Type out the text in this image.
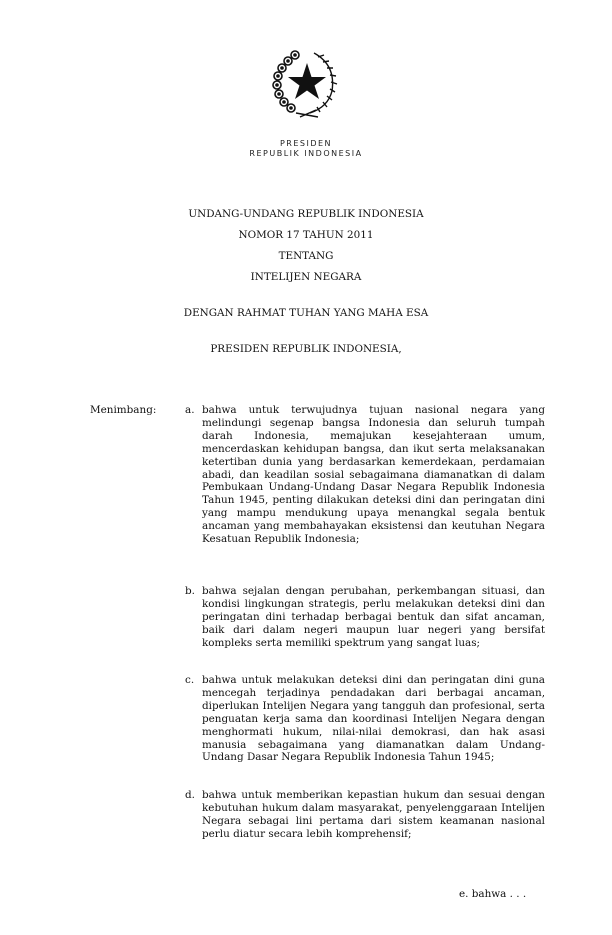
PRESIDEN
REPUBLIK INDONESIA
UNDANG-UNDANG REPUBLIK INDONESIA
NOMOR 17 TAHUN 2011
TENTANG
INTELIJEN NEGARA
DENGAN RAHMAT TUHAN YANG MAHA ESA
PRESIDEN REPUBLIK INDONESIA,
Menimbang:	a. bahwa untuk terwujudnya tujuan nasional negara yang melindungi segenap bangsa Indonesia dan seluruh tumpah darah Indonesia, memajukan kesejahteraan umum, mencerdaskan kehidupan bangsa, dan ikut serta melaksanakan ketertiban dunia yang berdasarkan kemerdekaan, perdamaian abadi, dan keadilan sosial sebagaimana diamanatkan di dalam Pembukaan Undang-Undang Dasar Negara Republik Indonesia Tahun 1945, penting dilakukan deteksi dini dan peringatan dini yang mampu mendukung upaya menangkal segala bentuk ancaman yang membahayakan eksistensi dan keutuhan Negara Kesatuan Republik Indonesia;
b. bahwa sejalan dengan perubahan, perkembangan situasi, dan kondisi lingkungan strategis, perlu melakukan deteksi dini dan peringatan dini terhadap berbagai bentuk dan sifat ancaman, baik dari dalam negeri maupun luar negeri yang bersifat kompleks serta memiliki spektrum yang sangat luas;
c. bahwa untuk melakukan deteksi dini dan peringatan dini guna mencegah terjadinya pendadakan dari berbagai ancaman, diperlukan Intelijen Negara yang tangguh dan profesional, serta penguatan kerja sama dan koordinasi Intelijen Negara dengan menghormati hukum, nilai-nilai demokrasi, dan hak asasi manusia sebagaimana yang diamanatkan dalam Undang-Undang Dasar Negara Republik Indonesia Tahun 1945;
d. bahwa untuk memberikan kepastian hukum dan sesuai dengan kebutuhan hukum dalam masyarakat, penyelenggaraan Intelijen Negara sebagai lini pertama dari sistem keamanan nasional perlu diatur secara lebih komprehensif;
e. bahwa . . .
